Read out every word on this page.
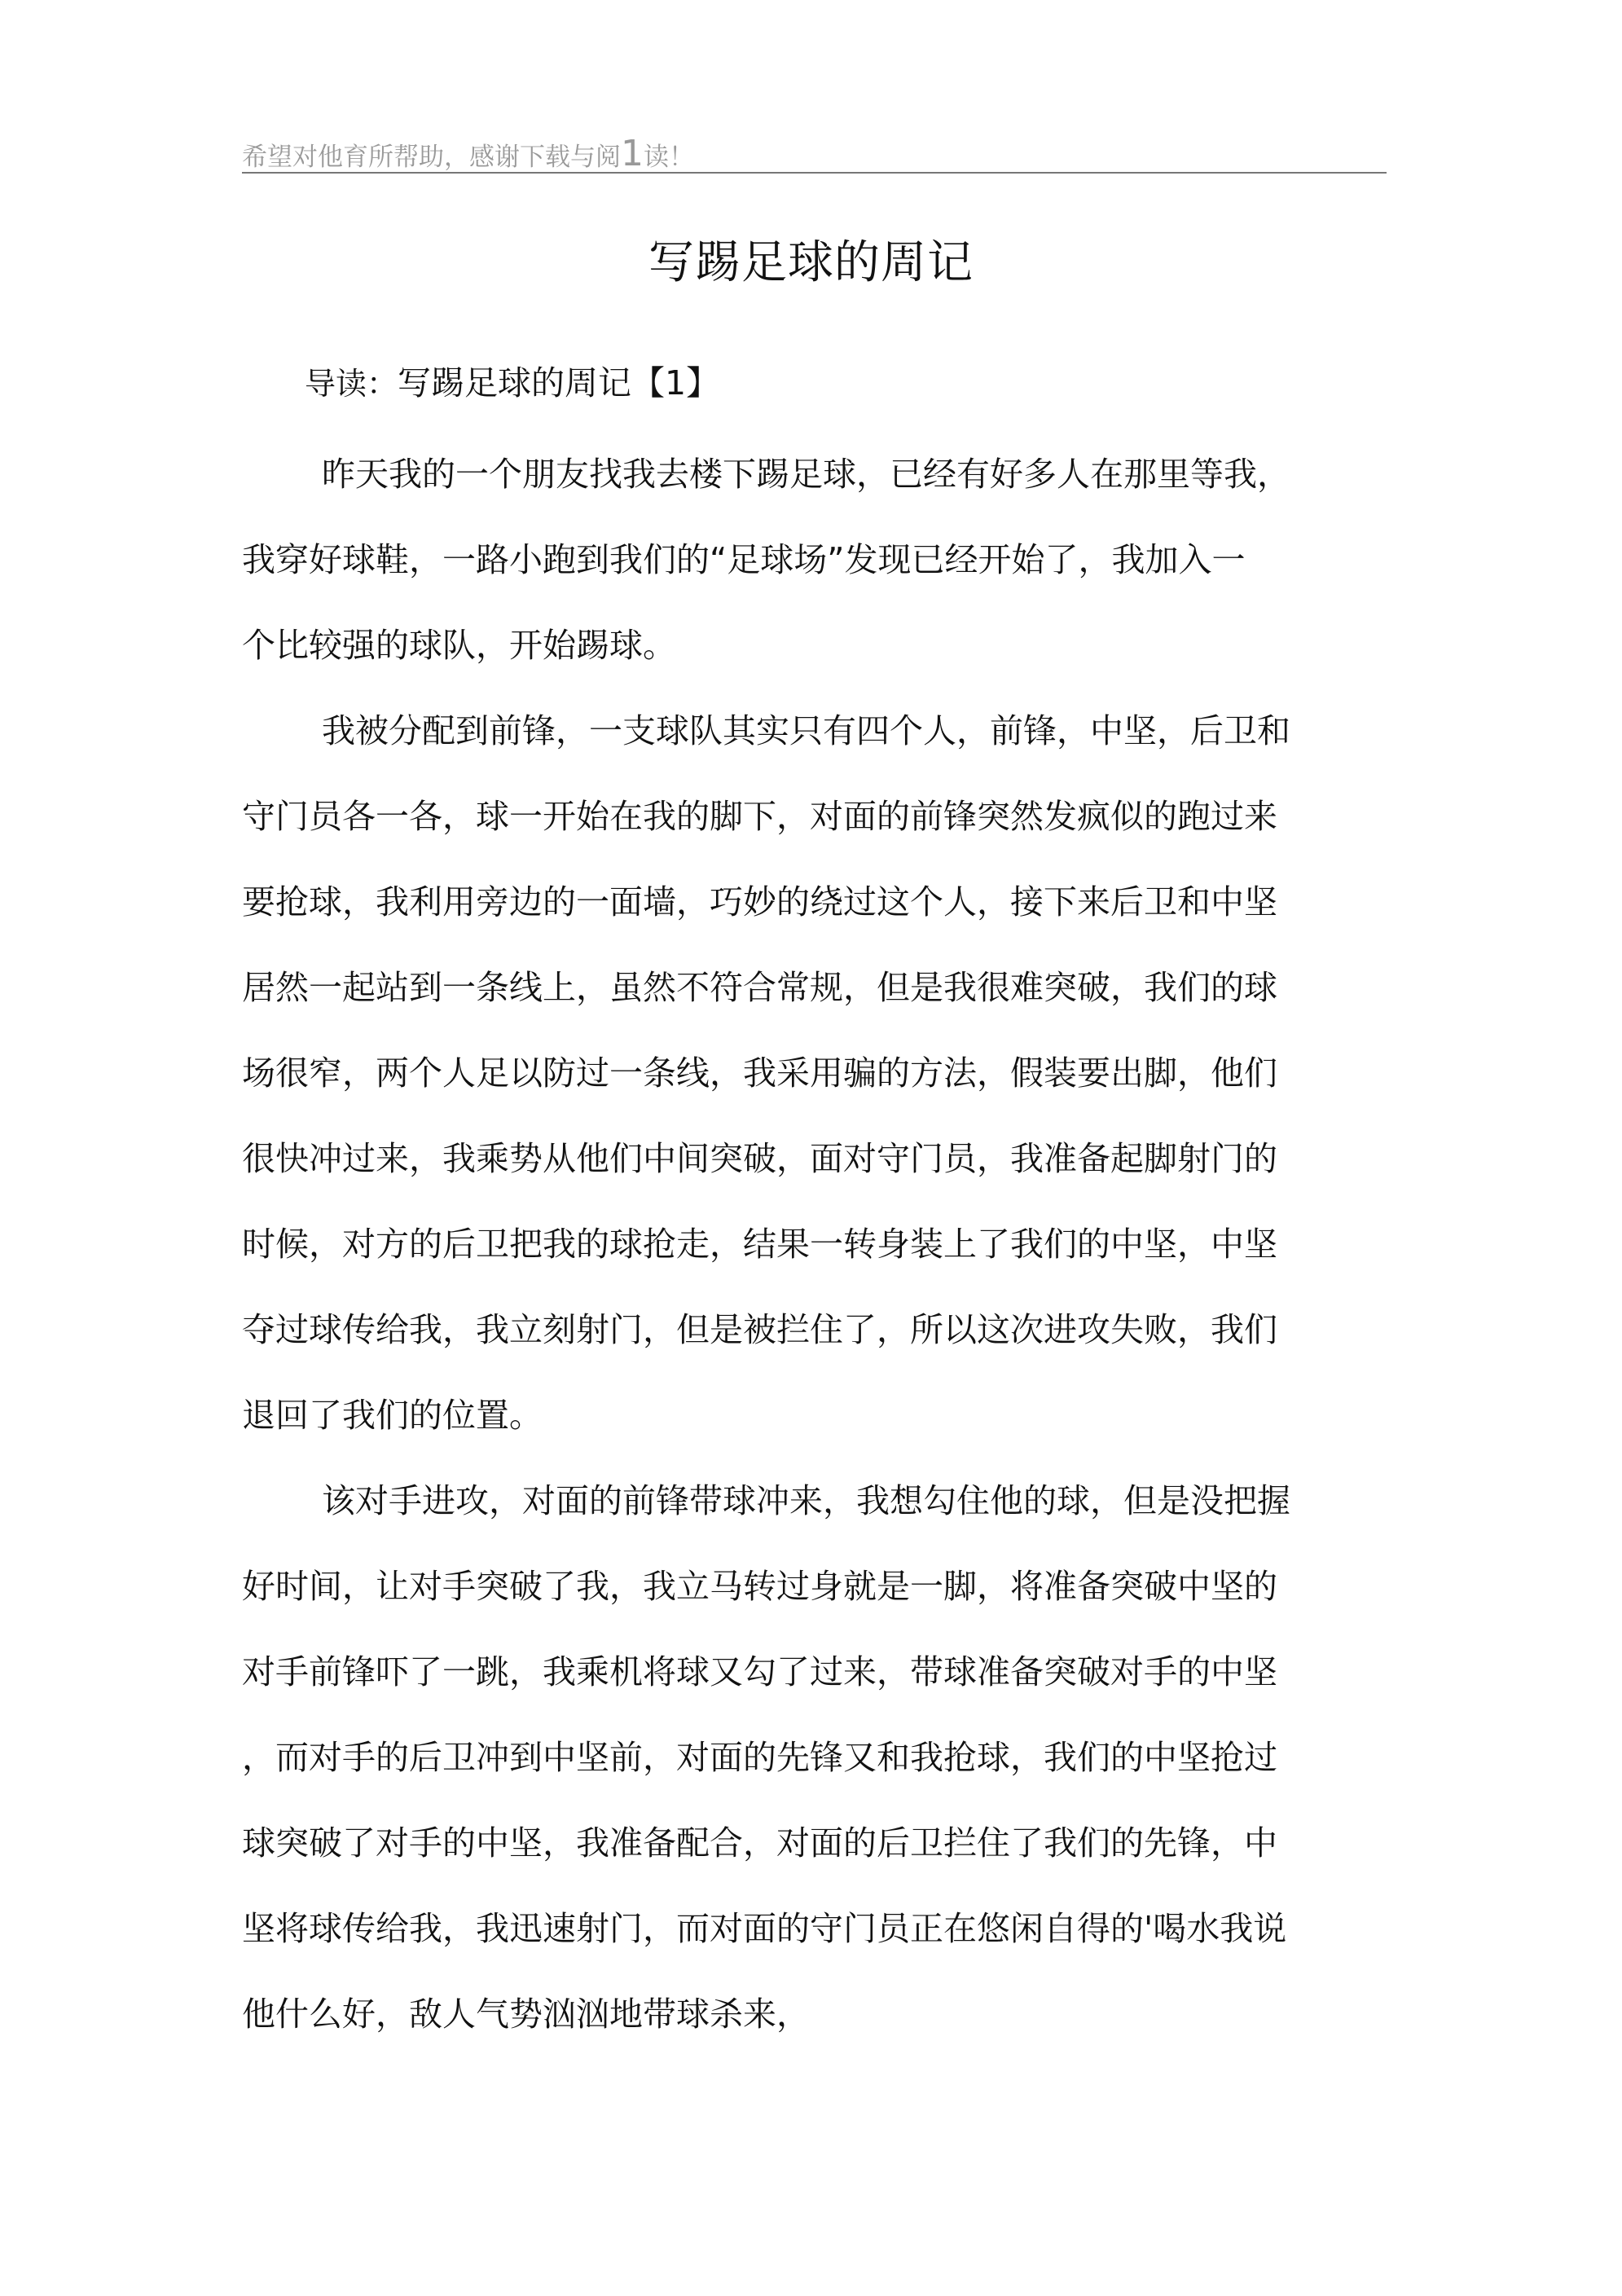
希望对他育所帮助，感谢下载与阅1读！
写踢足球的周记
导读：写踢足球的周记【1】
昨天我的一个朋友找我去楼下踢足球，已经有好多人在那里等我，
我穿好球鞋，一路小跑到我们的“足球场”发现已经开始了，我加入一
个比较强的球队，开始踢球。
我被分配到前锋，一支球队其实只有四个人，前锋，中坚，后卫和
守门员各一各，球一开始在我的脚下，对面的前锋突然发疯似的跑过来
要抢球，我利用旁边的一面墙，巧妙的绕过这个人，接下来后卫和中坚
居然一起站到一条线上，虽然不符合常规，但是我很难突破，我们的球
场很窄，两个人足以防过一条线，我采用骗的方法，假装要出脚，他们
很快冲过来，我乘势从他们中间突破，面对守门员，我准备起脚射门的
时候，对方的后卫把我的球抢走，结果一转身装上了我们的中坚，中坚
夺过球传给我，我立刻射门，但是被拦住了，所以这次进攻失败，我们
退回了我们的位置。
该对手进攻，对面的前锋带球冲来，我想勾住他的球，但是没把握
好时间，让对手突破了我，我立马转过身就是一脚，将准备突破中坚的
对手前锋吓了一跳，我乘机将球又勾了过来，带球准备突破对手的中坚
，而对手的后卫冲到中坚前，对面的先锋又和我抢球，我们的中坚抢过
球突破了对手的中坚，我准备配合，对面的后卫拦住了我们的先锋，中
坚将球传给我，我迅速射门，而对面的守门员正在悠闲自得的'喝水我说
他什么好，敌人气势汹汹地带球杀来，
